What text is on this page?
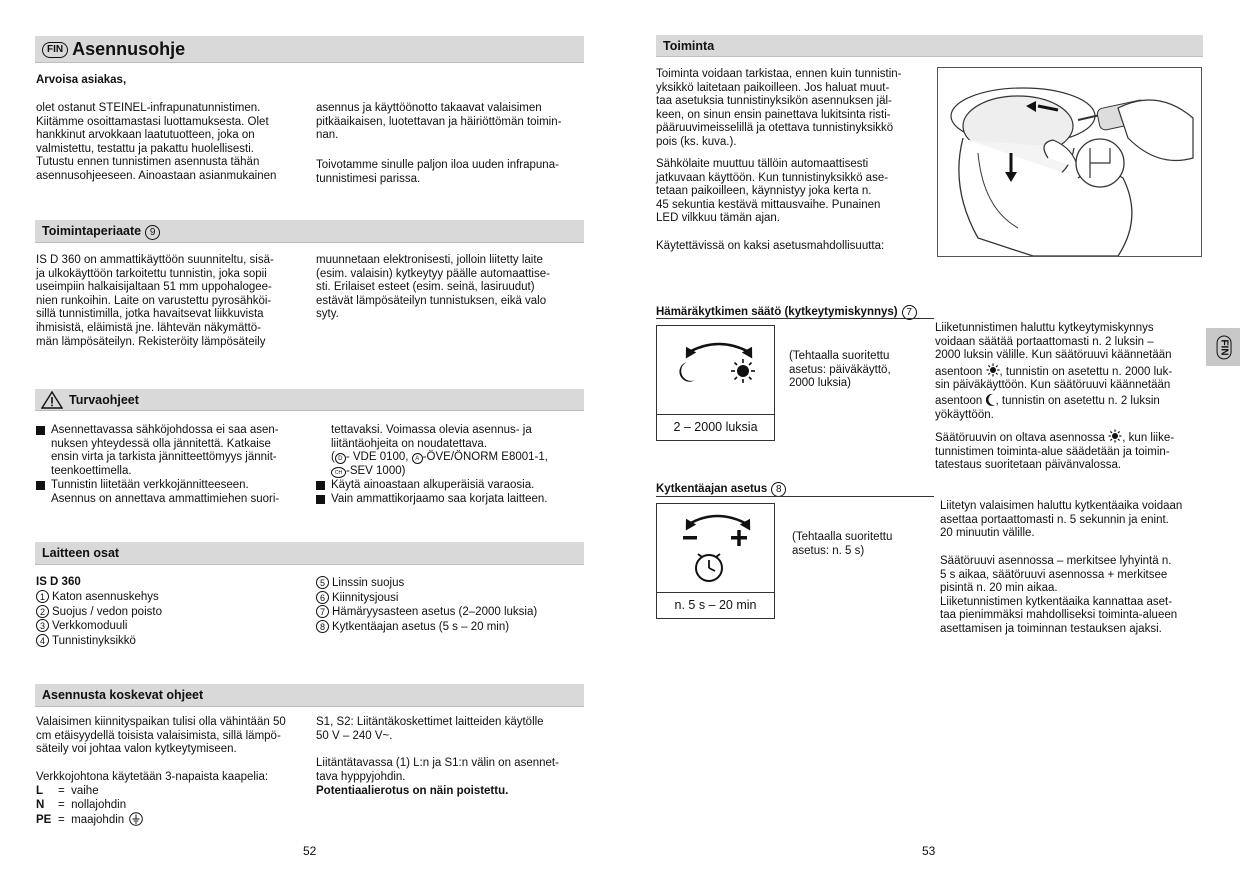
FIN Asennusohje
Arvoisa asiakas,
olet ostanut STEINEL-infrapunatunnistimen.
Kiitämme osoittamastasi luottamuksesta. Olet
hankkinut arvokkaan laatutuotteen, joka on
valmistettu, testattu ja pakattu huolellisesti.
Tutustu ennen tunnistimen asennusta tähän
asennusohjeeseen. Ainoastaan asianmukainen
asennus ja käyttöönotto takaavat valaisimen
pitkäaikaisen, luotettavan ja häiriöttömän toimin-
nan.
Toivotamme sinulle paljon iloa uuden infrapuna-
tunnistimesi parissa.
Toimintaperiaate 9
IS D 360 on ammattikäyttöön suunniteltu, sisä-
ja ulkokäyttöön tarkoitettu tunnistin, joka sopii
useimpiin halkaisijaltaan 51 mm uppohalogee-
nien runkoihin. Laite on varustettu pyrosähköi-
sillä tunnistimilla, jotka havaitsevat liikkuvista
ihmisistä, eläimistä jne. lähtevän näkymättö-
män lämpösäteilyn. Rekisteröity lämpösäteily
muunnetaan elektronisesti, jolloin liitetty laite
(esim. valaisin) kytkeytyy päälle automaattise-
sti. Erilaiset esteet (esim. seinä, lasiruudut)
estävät lämpösäteilyn tunnistuksen, eikä valo
syty.
Turvaohjeet
Asennettavassa sähköjohdossa ei saa asen-
nuksen yhteydessä olla jännitettä. Katkaise
ensin virta ja tarkista jännitteettömyys jännit-
teenkoettimella.
Tunnistin liitetään verkkojännitteeseen.
Asennus on annettava ammattimiehen suori-
tettavaksi. Voimassa olevia asennus- ja
liitäntäohjeita on noudatettava.
( D - VDE 0100, A -ÖVE/ÖNORM E8001-1,
CH -SEV 1000)
Käytä ainoastaan alkuperäisiä varaosia.
Vain ammattikorjaamo saa korjata laitteen.
Laitteen osat
IS D 360
1 Katon asennuskehys
2 Suojus / vedon poisto
3 Verkkomoduuli
4 Tunnistinyksikkö
5 Linssin suojus
6 Kiinnitysjousi
7 Hämäryysasteen asetus (2–2000 luksia)
8 Kytkentäajan asetus (5 s – 20 min)
Asennusta koskevat ohjeet
Valaisimen kiinnityspaikan tulisi olla vähintään 50
cm etäisyydellä toisista valaisimista, sillä lämpö-
säteily voi johtaa valon kytkeytymiseen.
Verkkojohtona käytetään 3-napaista kaapelia:
L =  vaihe
N =  nollajohdin
PE =  maajohdin
S1, S2: Liitäntäkoskettimet laitteiden käytölle
50 V – 240 V~.
Liitäntätavassa (1) L:n ja S1:n välin on asennet-
tava hyppyjohdin.
Potentiaalierotus on näin poistettu.
52
Toiminta
Toiminta voidaan tarkistaa, ennen kuin tunnistin-
yksikkö laitetaan paikoilleen. Jos haluat muut-
taa asetuksia tunnistinyksikön asennuksen jäl-
keen, on sinun ensin painettava lukitsinta risti-
pääruuvimeisselillä ja otettava tunnistinyksikkö
pois (ks. kuva.).
Sähkölaite muuttuu tällöin automaattisesti
jatkuvaan käyttöön. Kun tunnistinyksikkö ase-
tetaan paikoilleen, käynnistyy joka kerta n.
45 sekuntia kestävä mittausvaihe. Punainen
LED vilkkuu tämän ajan.
Käytettävissä on kaksi asetusmahdollisuutta:
Hämäräkytkimen säätö (kytkeytymiskynnys) 7
2 – 2000 luksia
(Tehtaalla suoritettu
asetus: päiväkäyttö,
2000 luksia)
Liiketunnistimen haluttu kytkeytymiskynnys
voidaan säätää portaattomasti n. 2 luksin –
2000 luksin välille. Kun säätöruuvi käännetään
asentoon , tunnistin on asetettu n. 2000 luk-
sin päiväkäyttöön. Kun säätöruuvi käännetään
asentoon , tunnistin on asetettu n. 2 luksin
yökäyttöön.
Säätöruuvin on oltava asennossa , kun liike-
tunnistimen toiminta-alue säädetään ja toimin-
tatestaus suoritetaan päivänvalossa.
Kytkentäajan asetus 8
n. 5 s – 20 min
(Tehtaalla suoritettu
asetus: n. 5 s)
Liitetyn valaisimen haluttu kytkentäaika voidaan
asettaa portaattomasti n. 5 sekunnin ja enint.
20 minuutin välille.
Säätöruuvi asennossa – merkitsee lyhyintä n.
5 s aikaa, säätöruuvi asennossa + merkitsee
pisintä n. 20 min aikaa.
Liiketunnistimen kytkentäaika kannattaa aset-
taa pienimmäksi mahdolliseksi toiminta-alueen
asettamisen ja toiminnan testauksen ajaksi.
FIN
53
